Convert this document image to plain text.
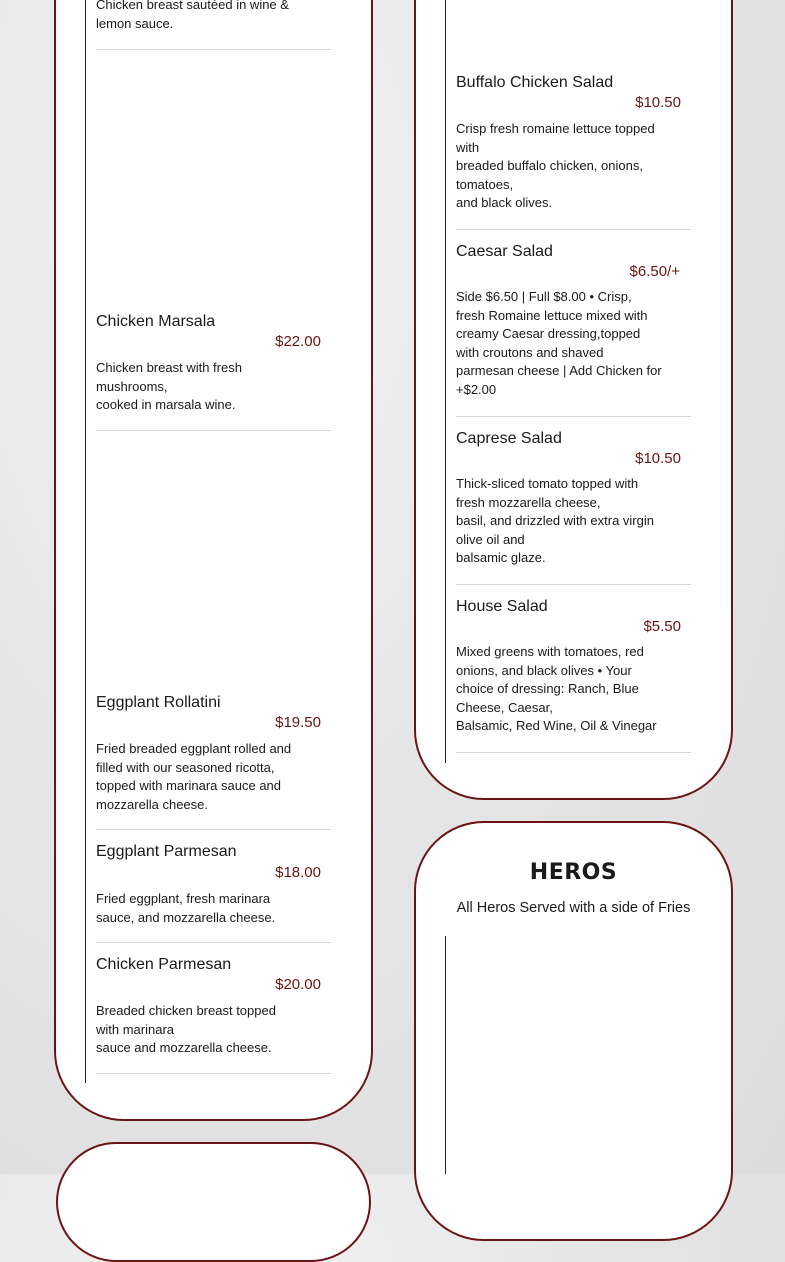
Chicken breast sautéed in wine &
lemon sauce.
Chicken Marsala
$22.00
Chicken breast with fresh
mushrooms,
cooked in marsala wine.
Eggplant Rollatini
$19.50
Fried breaded eggplant rolled and
filled with our seasoned ricotta,
topped with marinara sauce and
mozzarella cheese.
Eggplant Parmesan
$18.00
Fried eggplant, fresh marinara
sauce, and mozzarella cheese.
Chicken Parmesan
$20.00
Breaded chicken breast topped
with marinara
sauce and mozzarella cheese.
Buffalo Chicken Salad
$10.50
Crisp fresh romaine lettuce topped
with
breaded buffalo chicken, onions,
tomatoes,
and black olives.
Caesar Salad
$6.50/+
Side $6.50 | Full $8.00 • Crisp,
fresh Romaine lettuce mixed with
creamy Caesar dressing,topped
with croutons and shaved
parmesan cheese | Add Chicken for
+$2.00
Caprese Salad
$10.50
Thick-sliced tomato topped with
fresh mozzarella cheese,
basil, and drizzled with extra virgin
olive oil and
balsamic glaze.
House Salad
$5.50
Mixed greens with tomatoes, red
onions, and black olives • Your
choice of dressing: Ranch, Blue
Cheese, Caesar,
Balsamic, Red Wine, Oil & Vinegar
HEROS
All Heros Served with a side of Fries
